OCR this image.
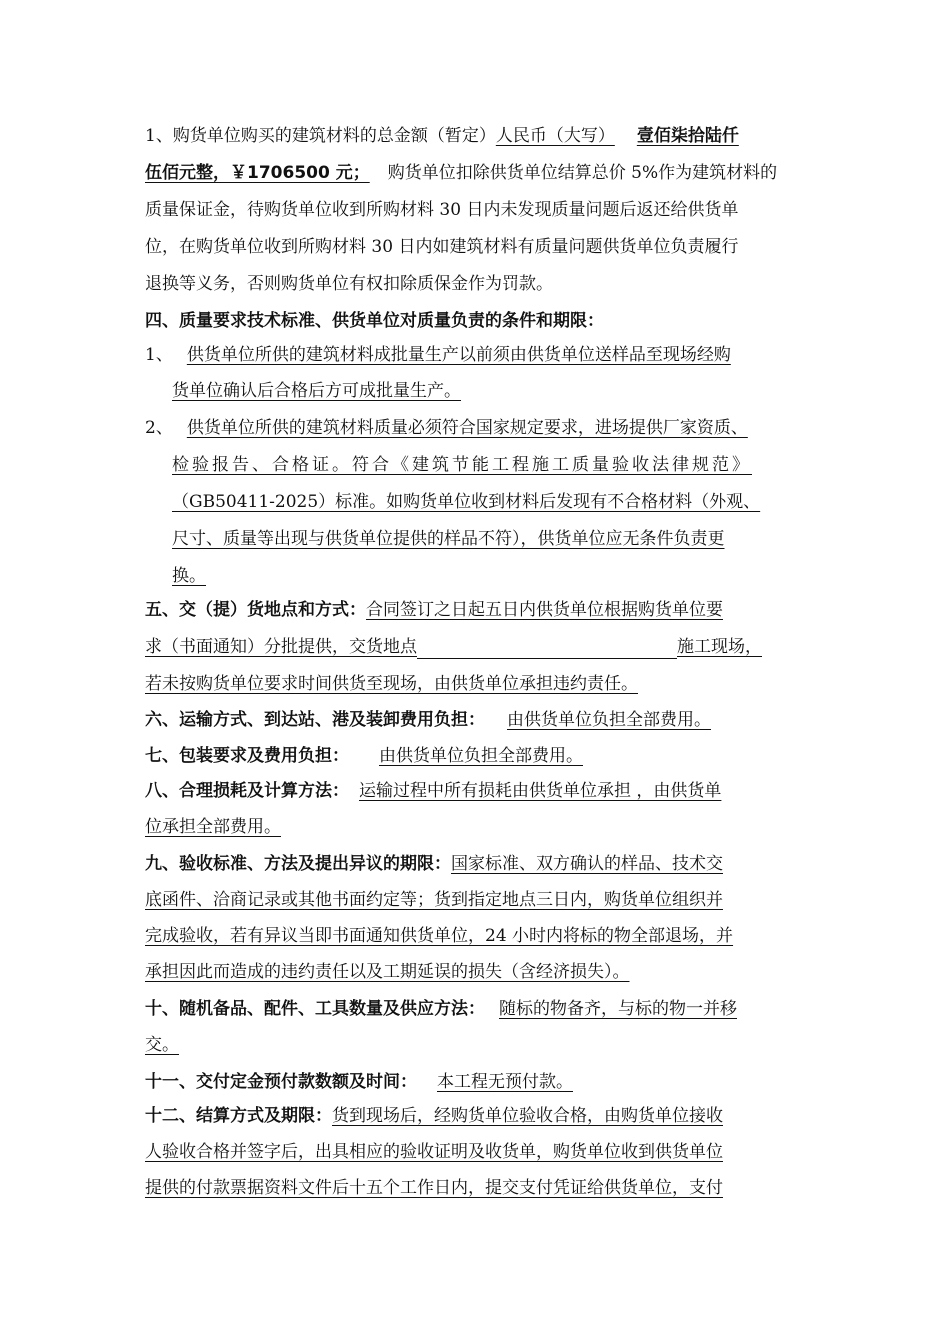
1、购货单位购买的建筑材料的总金额（暂定）人民币（大写） 壹佰柒拾陆仟
伍佰元整，￥1706500 元； 购货单位扣除供货单位结算总价 5%作为建筑材料的
质量保证金，待购货单位收到所购材料 30 日内未发现质量问题后返还给供货单
位，在购货单位收到所购材料 30 日内如建筑材料有质量问题供货单位负责履行
退换等义务，否则购货单位有权扣除质保金作为罚款。
四、质量要求技术标准、供货单位对质量负责的条件和期限：
1、 供货单位所供的建筑材料成批量生产以前须由供货单位送样品至现场经购
货单位确认后合格后方可成批量生产。
2、 供货单位所供的建筑材料质量必须符合国家规定要求，进场提供厂家资质、
检验报告、合格证。符合《建筑节能工程施工质量验收法律规范》
（GB50411-2025）标准。如购货单位收到材料后发现有不合格材料（外观、
尺寸、质量等出现与供货单位提供的样品不符），供货单位应无条件负责更
换。
五、交（提）货地点和方式：合同签订之日起五日内供货单位根据购货单位要
求（书面通知）分批提供，交货地点	施工现场，
若未按购货单位要求时间供货至现场，由供货单位承担违约责任。
六、运输方式、到达站、港及装卸费用负担： 由供货单位负担全部费用。
七、包装要求及费用负担： 由供货单位负担全部费用。
八、合理损耗及计算方法： 运输过程中所有损耗由供货单位承担 ，由供货单
位承担全部费用。
九、验收标准、方法及提出异议的期限：国家标准、双方确认的样品、技术交
底函件、洽商记录或其他书面约定等；货到指定地点三日内，购货单位组织并
完成验收，若有异议当即书面通知供货单位，24 小时内将标的物全部退场，并
承担因此而造成的违约责任以及工期延误的损失（含经济损失）。
十、随机备品、配件、工具数量及供应方法： 随标的物备齐，与标的物一并移
交。
十一、交付定金预付款数额及时间： 本工程无预付款。
十二、结算方式及期限：货到现场后，经购货单位验收合格，由购货单位接收
人验收合格并签字后，出具相应的验收证明及收货单，购货单位收到供货单位
提供的付款票据资料文件后十五个工作日内，提交支付凭证给供货单位，支付
